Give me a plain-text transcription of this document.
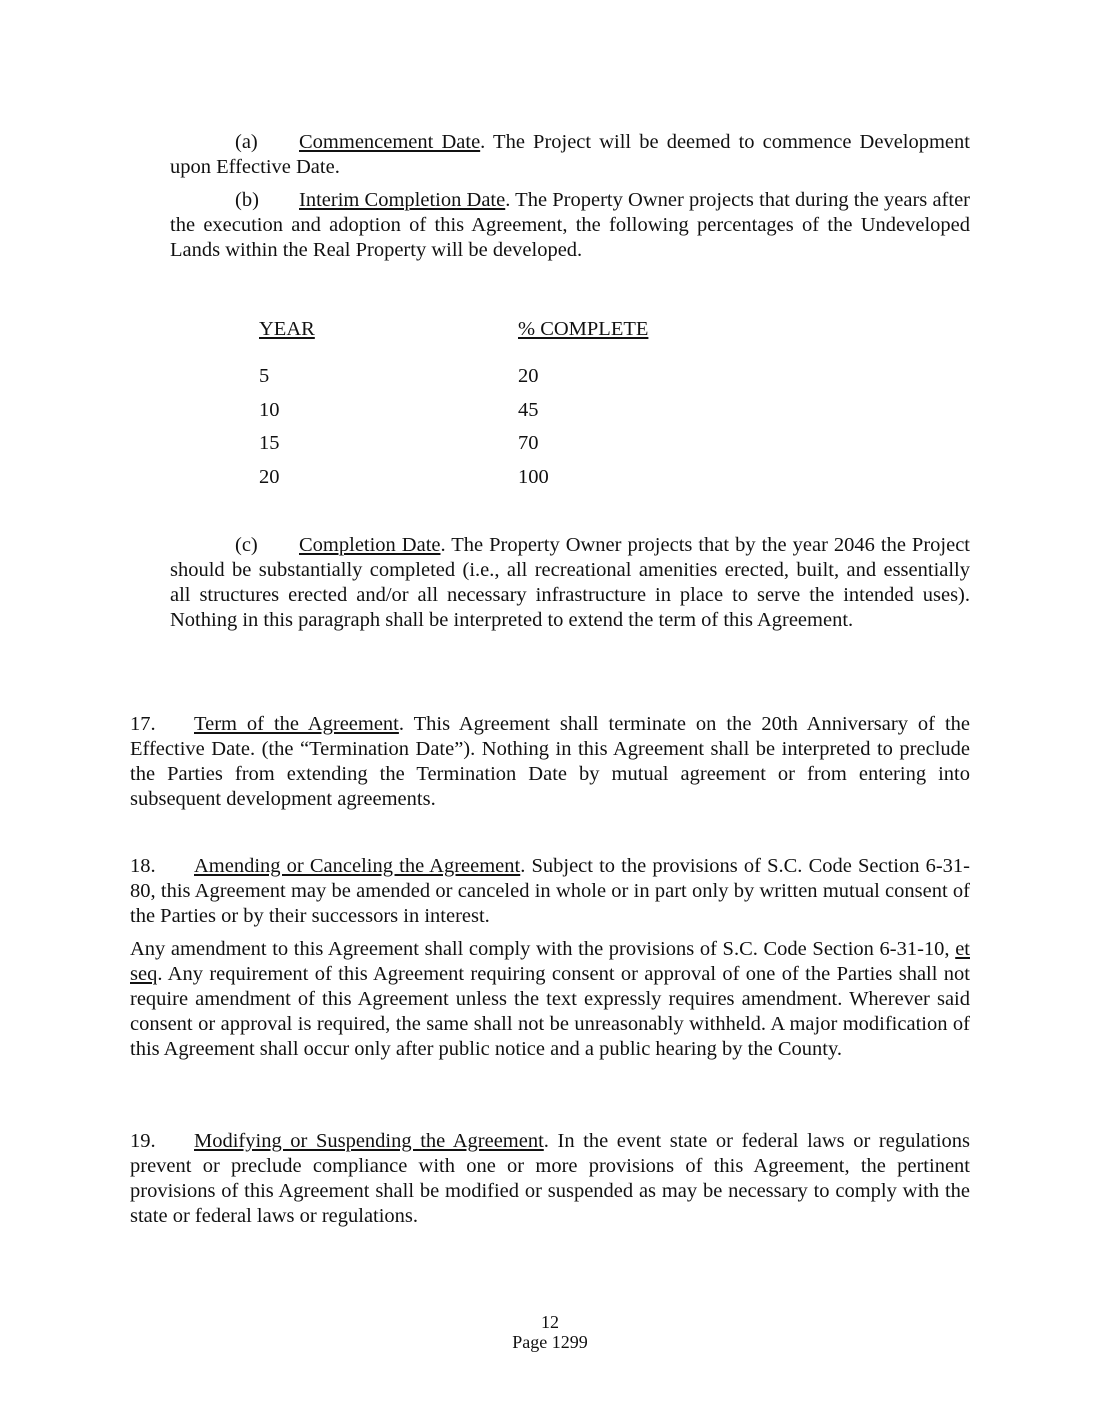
(a) Commencement Date. The Project will be deemed to commence Development upon Effective Date.

(b) Interim Completion Date. The Property Owner projects that during the years after the execution and adoption of this Agreement, the following percentages of the Undeveloped Lands within the Real Property will be developed.

YEAR	% COMPLETE
5	20
10	45
15	70
20	100

(c) Completion Date. The Property Owner projects that by the year 2046 the Project should be substantially completed (i.e., all recreational amenities erected, built, and essentially all structures erected and/or all necessary infrastructure in place to serve the intended uses). Nothing in this paragraph shall be interpreted to extend the term of this Agreement.

17. Term of the Agreement. This Agreement shall terminate on the 20th Anniversary of the Effective Date. (the “Termination Date”). Nothing in this Agreement shall be interpreted to preclude the Parties from extending the Termination Date by mutual agreement or from entering into subsequent development agreements.

18. Amending or Canceling the Agreement. Subject to the provisions of S.C. Code Section 6-31-80, this Agreement may be amended or canceled in whole or in part only by written mutual consent of the Parties or by their successors in interest.

Any amendment to this Agreement shall comply with the provisions of S.C. Code Section 6-31-10, et seq. Any requirement of this Agreement requiring consent or approval of one of the Parties shall not require amendment of this Agreement unless the text expressly requires amendment. Wherever said consent or approval is required, the same shall not be unreasonably withheld. A major modification of this Agreement shall occur only after public notice and a public hearing by the County.

19. Modifying or Suspending the Agreement. In the event state or federal laws or regulations prevent or preclude compliance with one or more provisions of this Agreement, the pertinent provisions of this Agreement shall be modified or suspended as may be necessary to comply with the state or federal laws or regulations.

12
Page 1299
